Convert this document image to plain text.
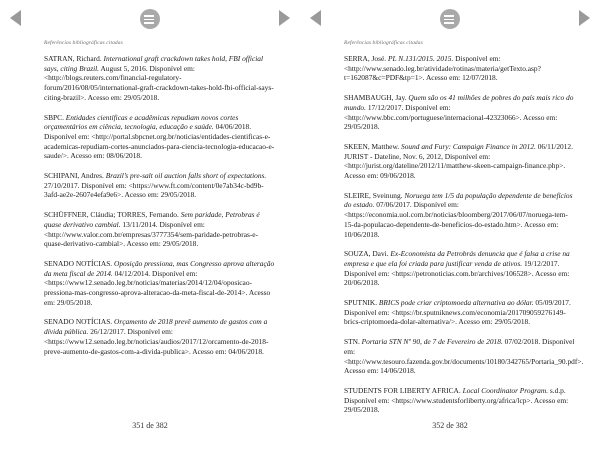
Referências bibliográficas citadas

SATRAN, Richard. International graft crackdown takes hold, FBI official says, citing Brazil. August 5, 2016. Disponível em: <http://blogs.reuters.com/financial-regulatory-forum/2016/08/05/international-graft-crackdown-takes-hold-fbi-official-says-citing-brazil>. Acesso em: 29/05/2018.

SBPC. Entidades científicas e acadêmicas repudiam novos cortes orçamentários em ciência, tecnologia, educação e saúde. 04/06/2018. Disponível em: <http://portal.sbpcnet.org.br/noticias/entidades-cientificas-e-academicas-repudiam-cortes-anunciados-para-ciencia-tecnologia-educacao-e-saude/>. Acesso em: 08/06/2018.

SCHIPANI, Andres. Brazil’s pre-salt oil auction falls short of expectations. 27/10/2017. Disponível em: <https://www.ft.com/content/0e7ab34c-bd9b-3afd-ae2e-2607e4efa9e6>. Acesso em: 29/05/2018.

SCHÜFFNER, Cláudia; TORRES, Fernando. Sem paridade, Petrobras é quase derivativo cambial. 13/11/2014. Disponível em: <http://www.valor.com.br/empresas/3777354/sem-paridade-petrobras-e-quase-derivativo-cambial>. Acesso em: 29/05/2018.

SENADO NOTÍCIAS. Oposição pressiona, mas Congresso aprova alteração da meta fiscal de 2014. 04/12/2014. Disponível em: <https://www12.senado.leg.br/noticias/materias/2014/12/04/oposicao-pressiona-mas-congresso-aprova-alteracao-da-meta-fiscal-de-2014>. Acesso em: 29/05/2018.

SENADO NOTÍCIAS. Orçamento de 2018 prevê aumento de gastos com a dívida pública. 26/12/2017. Disponível em: <https://www12.senado.leg.br/noticias/audios/2017/12/orcamento-de-2018-preve-aumento-de-gastos-com-a-divida-publica>. Acesso em: 04/06/2018.

351 de 382
Referências bibliográficas citadas

SERRA, José. PL N.131/2015. 2015. Disponível em: <http://www.senado.leg.br/atividade/rotinas/materia/getTexto.asp?t=162087&c=PDF&tp=1>. Acesso em: 12/07/2018.

SHAMBAUGH, Jay. Quem são os 41 milhões de pobres do país mais rico do mundo. 17/12/2017. Disponível em: <http://www.bbc.com/portuguese/internacional-42323066>. Acesso em: 29/05/2018.

SKEEN, Matthew. Sound and Fury: Campaign Finance in 2012. 06/11/2012. JURIST - Dateline, Nov. 6, 2012, Disponível em: <http://jurist.org/dateline/2012/11/matthew-skeen-campaign-finance.php>. Acesso em: 09/06/2018.

SLEIRE, Sveinung. Noruega tem 1/5 da população dependente de benefícios do estado. 07/06/2017. Disponível em: <https://economia.uol.com.br/noticias/bloomberg/2017/06/07/noruega-tem-15-da-populacao-dependente-de-beneficios-do-estado.htm>. Acesso em: 10/06/2018.

SOUZA, Davi. Ex-Economista da Petrobrás denuncia que é falsa a crise na empresa e que ela foi criada para justificar venda de ativos. 19/12/2017. Disponível em: <https://petronoticias.com.br/archives/106528>. Acesso em: 20/06/2018.

SPUTNIK. BRICS pode criar criptomoeda alternativa ao dólar. 05/09/2017. Disponível em: <https://br.sputniknews.com/economia/201709059276149-brics-criptomoeda-dolar-alternativa/>. Acesso em: 29/05/2018.

STN. Portaria STN Nº 90, de 7 de Fevereiro de 2018. 07/02/2018. Disponível em: <http://www.tesouro.fazenda.gov.br/documents/10180/342765/Portaria_90.pdf>. Acesso em: 14/06/2018.

STUDENTS FOR LIBERTY AFRICA. Local Coordinator Program. s.d.p. Disponível em: <https://www.studentsforliberty.org/africa/lcp>. Acesso em: 29/05/2018.

352 de 382
